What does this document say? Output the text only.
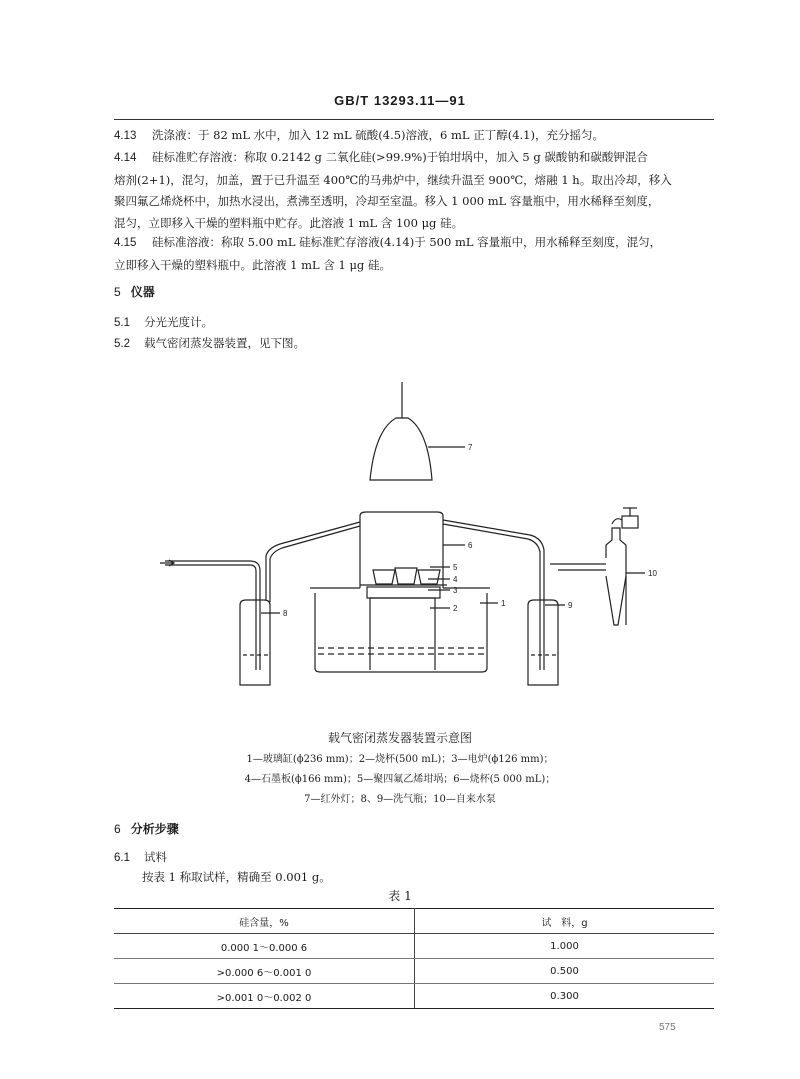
GB/T 13293.11—91
4.13 洗涤液：于 82 mL 水中，加入 12 mL 硫酸(4.5)溶液，6 mL 正丁醇(4.1)，充分摇匀。
4.14 硅标准贮存溶液：称取 0.2142 g 二氧化硅(>99.9%)于铂坩埚中，加入 5 g 碳酸钠和碳酸钾混合
熔剂(2+1)，混匀，加盖，置于已升温至 400℃的马弗炉中，继续升温至 900℃，熔融 1 h。取出冷却，移入
聚四氟乙烯烧杯中，加热水浸出，煮沸至透明，冷却至室温。移入 1 000 mL 容量瓶中，用水稀释至刻度，
混匀，立即移入干燥的塑料瓶中贮存。此溶液 1 mL 含 100 μg 硅。
4.15 硅标准溶液：称取 5.00 mL 硅标准贮存溶液(4.14)于 500 mL 容量瓶中，用水稀释至刻度，混匀，
立即移入干燥的塑料瓶中。此溶液 1 mL 含 1 μg 硅。
5 仪器
5.1 分光光度计。
5.2 载气密闭蒸发器装置，见下图。
7
6
5
4
3
2
1
8
9
10
载气密闭蒸发器装置示意图
1—玻璃缸(ϕ236 mm)；2—烧杯(500 mL)；3—电炉(ϕ126 mm)；
4—石墨板(ϕ166 mm)；5—聚四氟乙烯坩埚；6—烧杯(5 000 mL)；
7—红外灯；8、9—洗气瓶；10—自来水泵
6 分析步骤
6.1 试料
按表 1 称取试样，精确至 0.001 g。
表 1
硅含量，%	试　料，g
0.000 1～0.000 6	1.000
>0.000 6～0.001 0	0.500
>0.001 0～0.002 0	0.300
575
